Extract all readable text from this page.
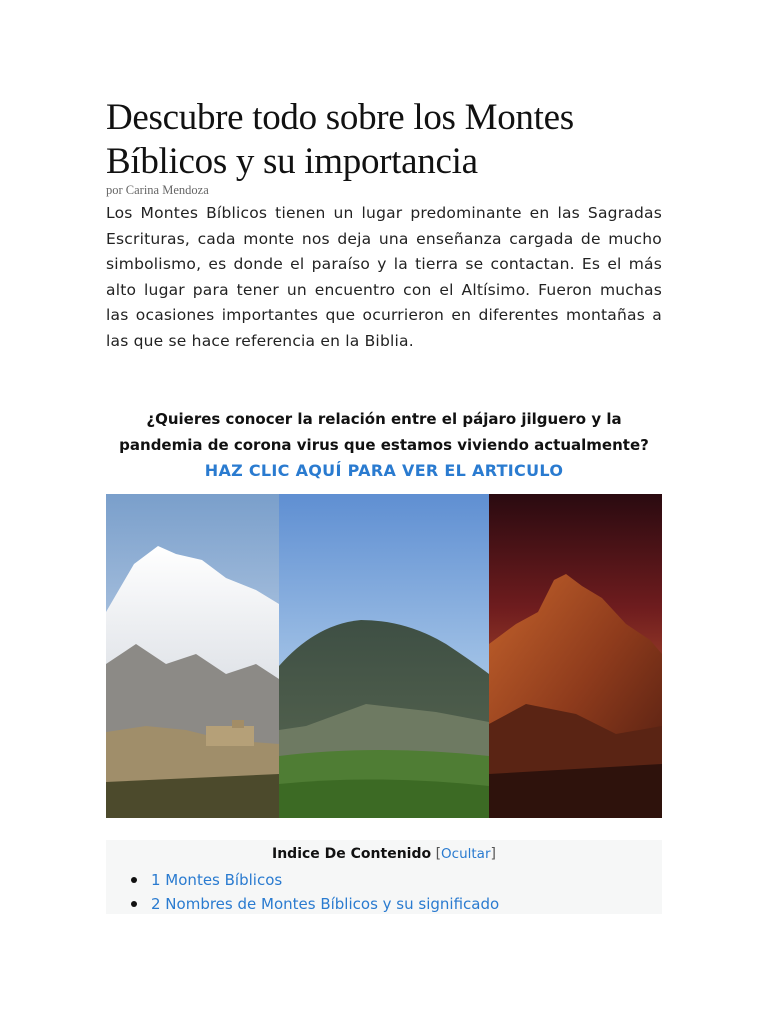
Descubre todo sobre los Montes Bíblicos y su importancia
por Carina Mendoza

Los Montes Bíblicos tienen un lugar predominante en las Sagradas Escrituras, cada monte nos deja una enseñanza cargada de mucho simbolismo, es donde el paraíso y la tierra se contactan. Es el más alto lugar para tener un encuentro con el Altísimo. Fueron muchas las ocasiones importantes que ocurrieron en diferentes montañas a las que se hace referencia en la Biblia.

¿Quieres conocer la relación entre el pájaro jilguero y la pandemia de corona virus que estamos viviendo actualmente? HAZ CLIC AQUÍ PARA VER EL ARTICULO

Indice De Contenido [Ocultar]
1 Montes Bíblicos
2 Nombres de Montes Bíblicos y su significado
